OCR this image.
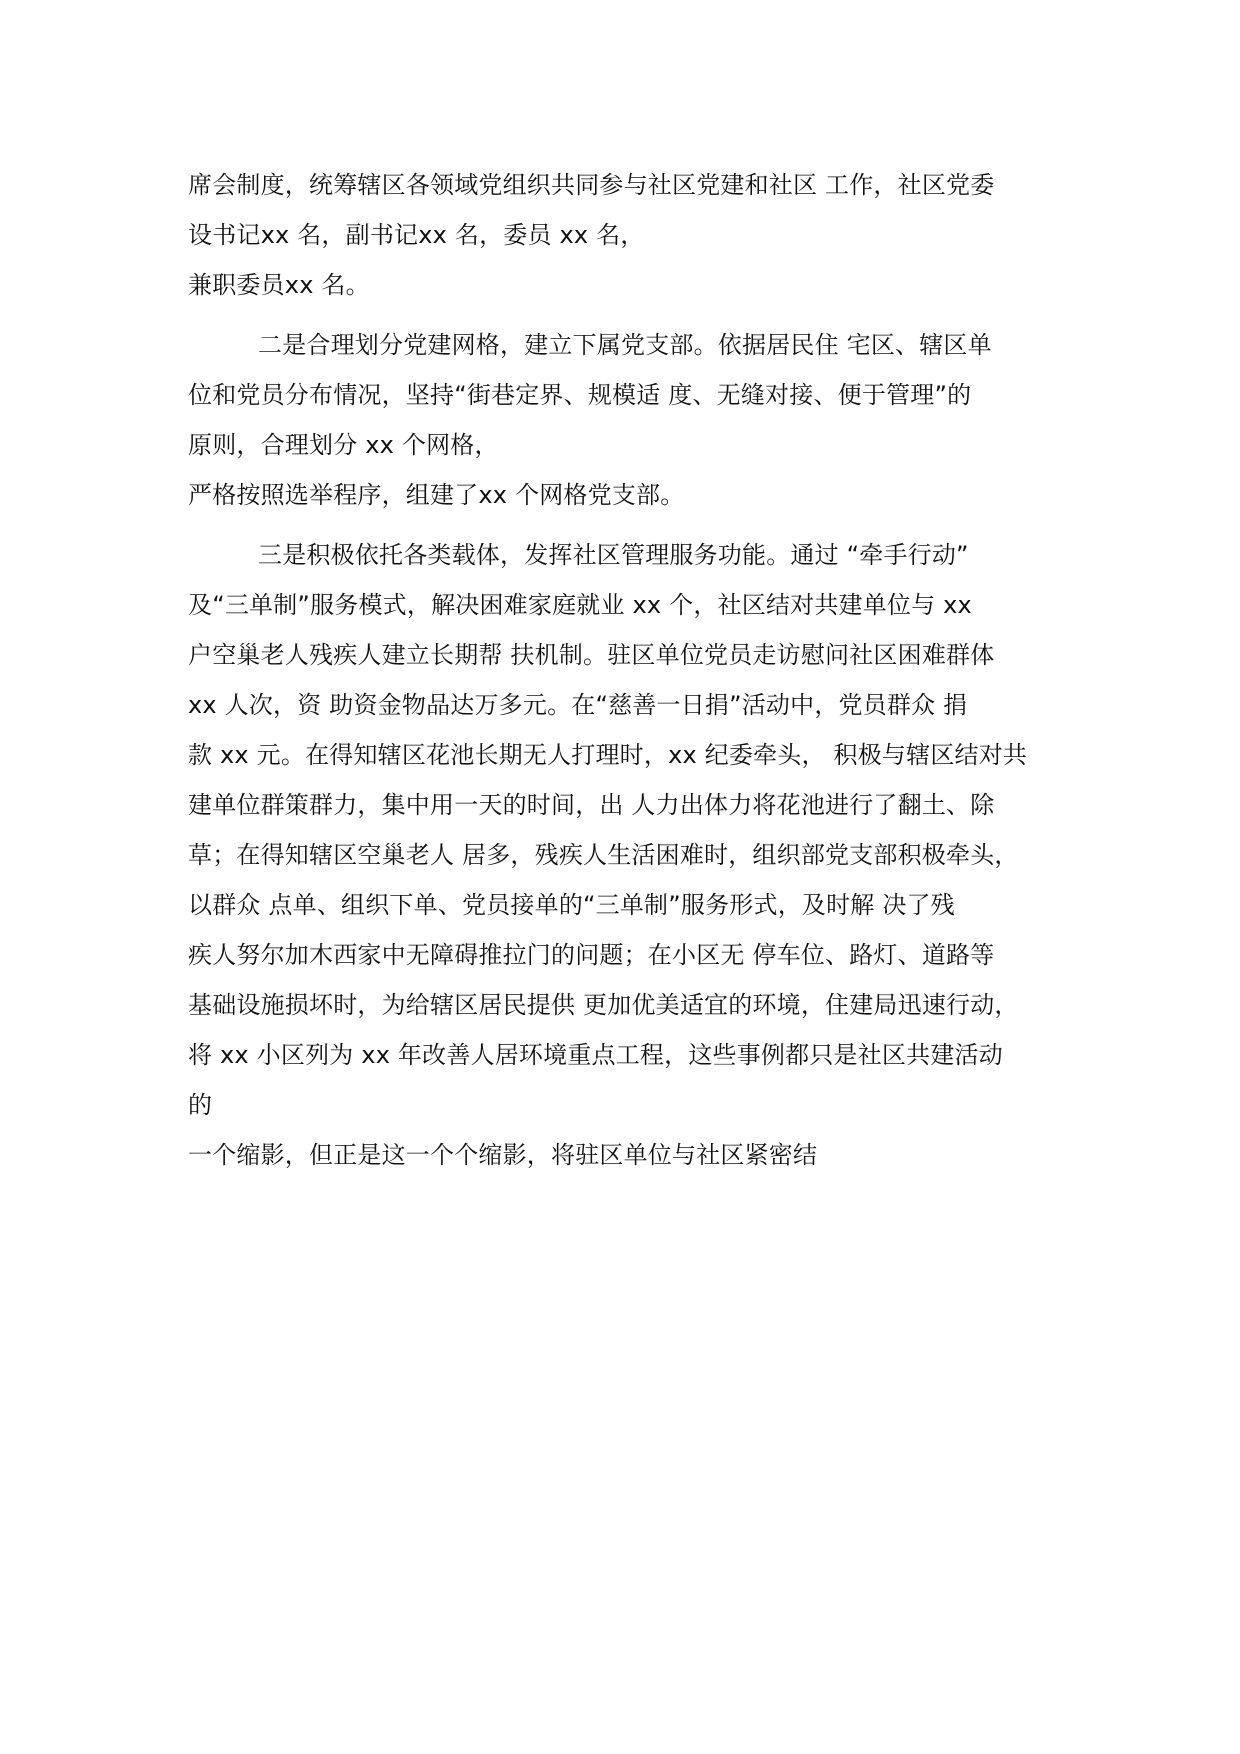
席会制度，统筹辖区各领域党组织共同参与社区党建和社区 工作，社区党委
设书记xx 名，副书记xx 名，委员 xx 名，
兼职委员xx 名。
二是合理划分党建网格，建立下属党支部。依据居民住 宅区、辖区单
位和党员分布情况，坚持“街巷定界、规模适 度、无缝对接、便于管理”的
原则，合理划分 xx 个网格，
严格按照选举程序，组建了xx 个网格党支部。
三是积极依托各类载体，发挥社区管理服务功能。通过 “牵手行动”
及“三单制”服务模式，解决困难家庭就业 xx 个，社区结对共建单位与 xx
户空巢老人残疾人建立长期帮 扶机制。驻区单位党员走访慰问社区困难群体
xx 人次，资 助资金物品达万多元。在“慈善一日捐”活动中，党员群众 捐
款 xx 元。在得知辖区花池长期无人打理时，xx 纪委牵头， 积极与辖区结对共
建单位群策群力，集中用一天的时间，出 人力出体力将花池进行了翻土、除
草；在得知辖区空巢老人 居多，残疾人生活困难时，组织部党支部积极牵头，
以群众 点单、组织下单、党员接单的“三单制”服务形式，及时解 决了残
疾人努尔加木西家中无障碍推拉门的问题；在小区无 停车位、路灯、道路等
基础设施损坏时，为给辖区居民提供 更加优美适宜的环境，住建局迅速行动，
将 xx 小区列为 xx 年改善人居环境重点工程，这些事例都只是社区共建活动
的
一个缩影，但正是这一个个缩影，将驻区单位与社区紧密结
